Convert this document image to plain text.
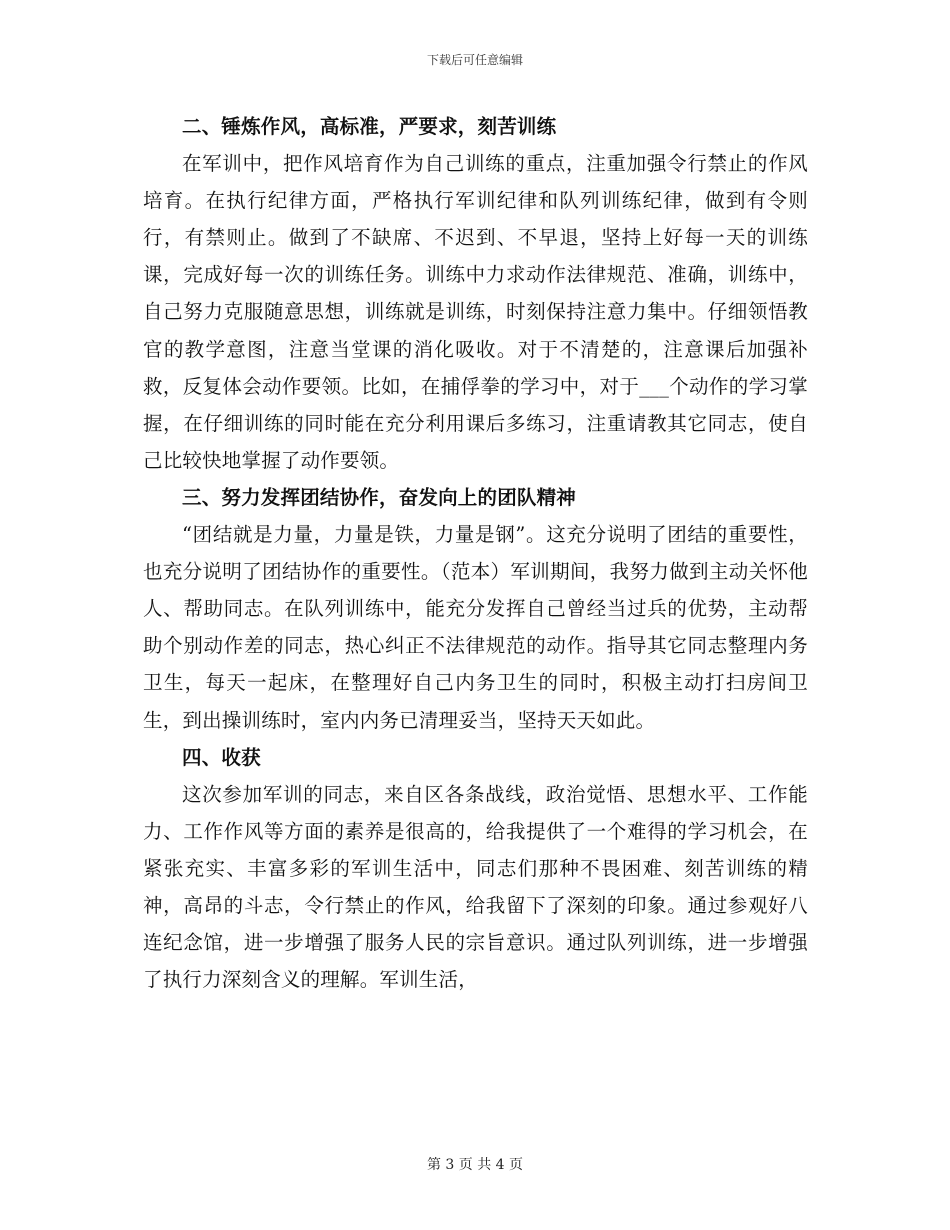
下载后可任意编辑

二、锤炼作风，高标准，严要求，刻苦训练

在军训中，把作风培育作为自己训练的重点，注重加强令行禁止的作风培育。在执行纪律方面，严格执行军训纪律和队列训练纪律，做到有令则行，有禁则止。做到了不缺席、不迟到、不早退，坚持上好每一天的训练课，完成好每一次的训练任务。训练中力求动作法律规范、准确，训练中，自己努力克服随意思想，训练就是训练，时刻保持注意力集中。仔细领悟教官的教学意图，注意当堂课的消化吸收。对于不清楚的，注意课后加强补救，反复体会动作要领。比如，在捕俘拳的学习中，对于___个动作的学习掌握，在仔细训练的同时能在充分利用课后多练习，注重请教其它同志，使自己比较快地掌握了动作要领。

三、努力发挥团结协作，奋发向上的团队精神

“团结就是力量，力量是铁，力量是钢”。这充分说明了团结的重要性，也充分说明了团结协作的重要性。（范本）军训期间，我努力做到主动关怀他人、帮助同志。在队列训练中，能充分发挥自己曾经当过兵的优势，主动帮助个别动作差的同志，热心纠正不法律规范的动作。指导其它同志整理内务卫生，每天一起床，在整理好自己内务卫生的同时，积极主动打扫房间卫生，到出操训练时，室内内务已清理妥当，坚持天天如此。

四、收获

这次参加军训的同志，来自区各条战线，政治觉悟、思想水平、工作能力、工作作风等方面的素养是很高的，给我提供了一个难得的学习机会，在紧张充实、丰富多彩的军训生活中，同志们那种不畏困难、刻苦训练的精神，高昂的斗志，令行禁止的作风，给我留下了深刻的印象。通过参观好八连纪念馆，进一步增强了服务人民的宗旨意识。通过队列训练，进一步增强了执行力深刻含义的理解。军训生活，

第 3 页 共 4 页
